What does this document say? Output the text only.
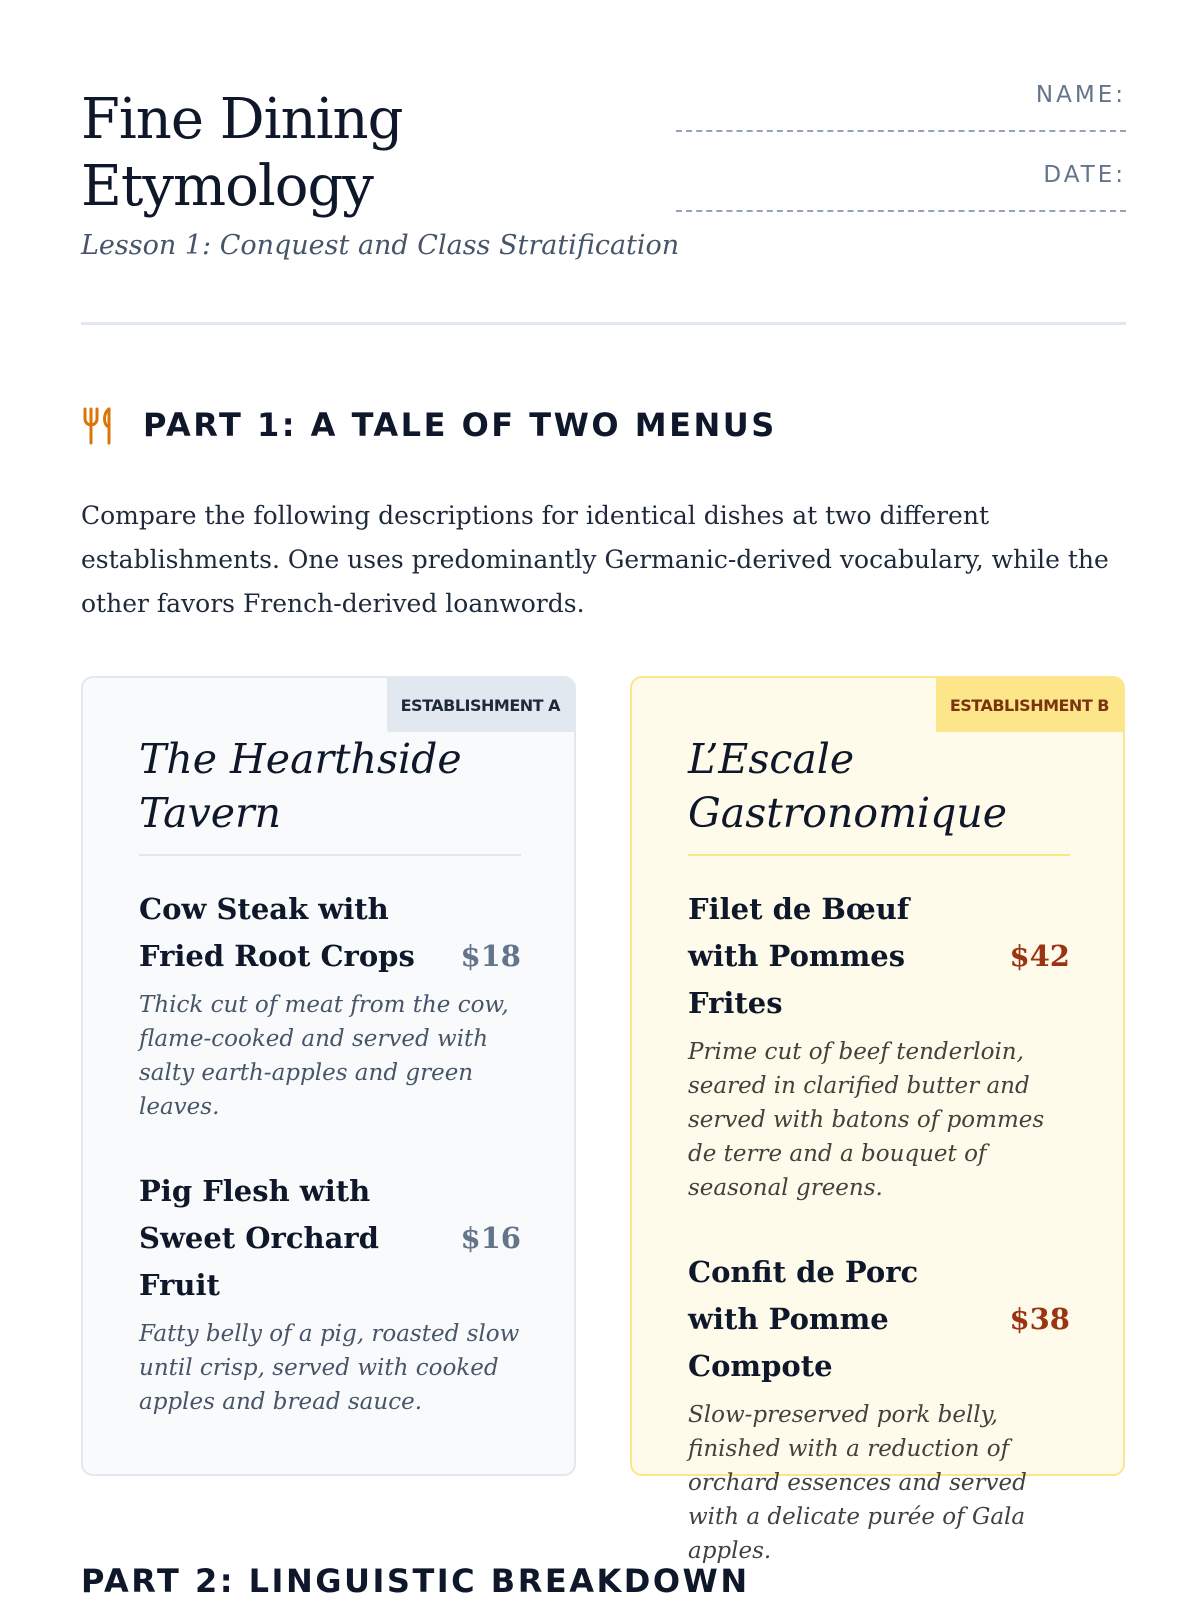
Fine Dining Etymology
Lesson 1: Conquest and Class Stratification
NAME:
DATE:
PART 1: A TALE OF TWO MENUS

Compare the following descriptions for identical dishes at two different establishments. One uses predominantly Germanic-derived vocabulary, while the other favors French-derived loanwords.

ESTABLISHMENT A
The Hearthside Tavern
Cow Steak with Fried Root Crops	$18
Thick cut of meat from the cow, flame-cooked and served with salty earth-apples and green leaves.
Pig Flesh with Sweet Orchard Fruit
$16
Fatty belly of a pig, roasted slow until crisp, served with cooked apples and bread sauce.
ESTABLISHMENT B
L’Escale Gastronomique
Filet de Bœuf with Pommes Frites
$42
Prime cut of beef tenderloin, seared in clarified butter and served with batons of pommes de terre and a bouquet of seasonal greens.
Confit de Porc with Pomme Compote
$38
Slow-preserved pork belly, finished with a reduction of orchard essences and served with a delicate purée of Gala apples.
PART 2: LINGUISTIC BREAKDOWN
